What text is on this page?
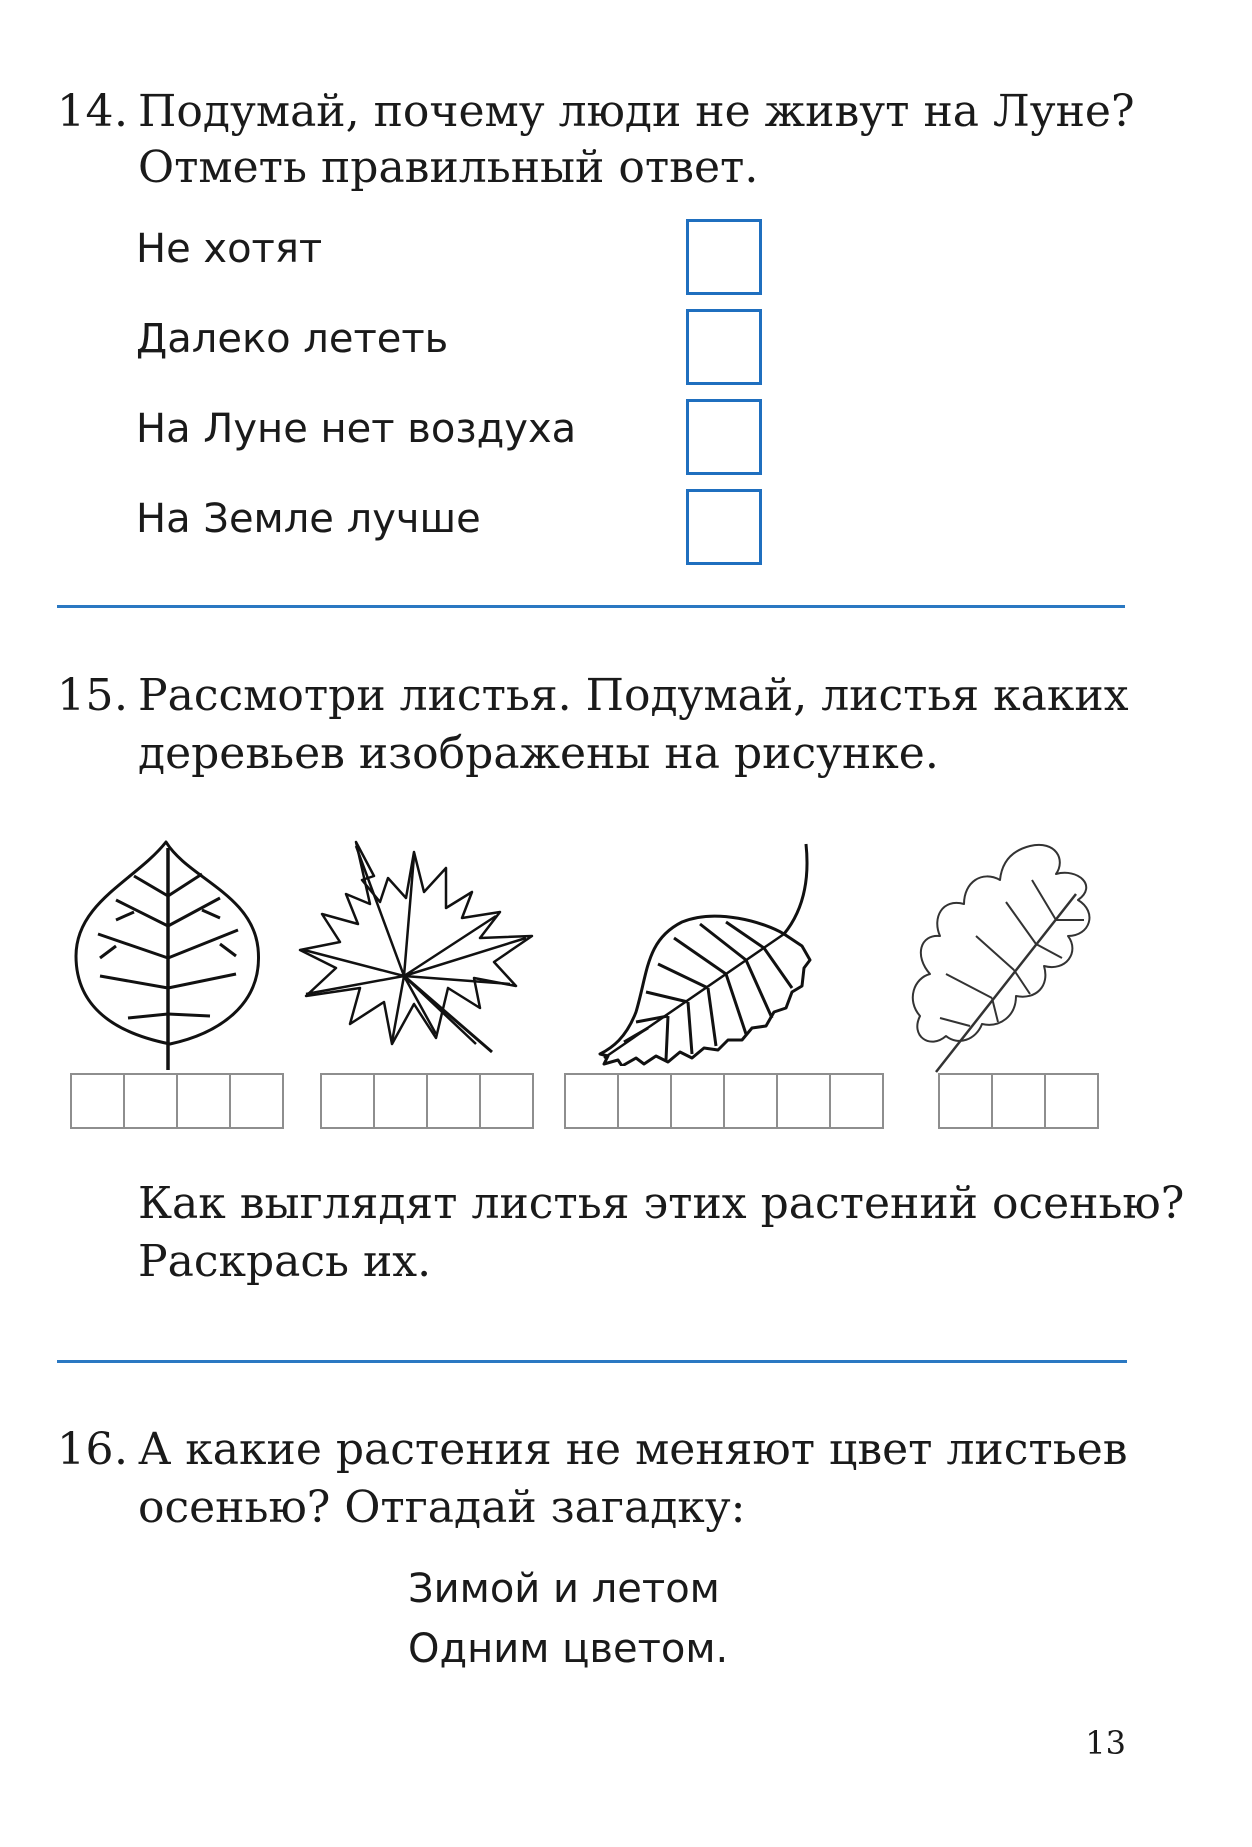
14. Подумай, почему люди не живут на Луне?
Отметь правильный ответ.
Не хотят
Далеко лететь
На Луне нет воздуха
На Земле лучше
15. Рассмотри листья. Подумай, листья каких
деревьев изображены на рисунке.
Как выглядят листья этих растений осенью?
Раскрась их.
16. А какие растения не меняют цвет листьев
осенью? Отгадай загадку:
Зимой и летом
Одним цветом.
13
